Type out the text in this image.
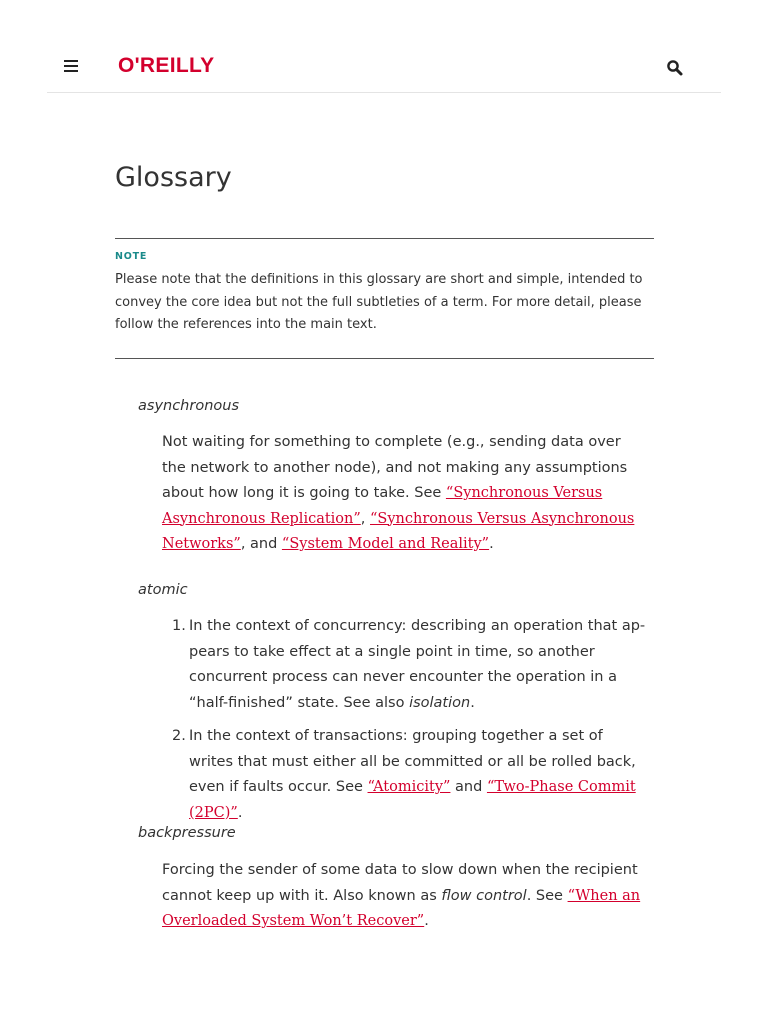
O'REILLY
Glossary
NOTE
Please note that the definitions in this glossary are short and simple, intended to convey the core idea but not the full subtleties of a term. For more detail, please follow the references into the main text.
asynchronous
Not waiting for something to complete (e.g., sending data over the network to another node), and not making any assumptions about how long it is going to take. See “Synchronous Versus Asynchronous Replication”, “Synchronous Versus Asynchronous Networks”, and “System Model and Reality”.
atomic
1. In the context of concurrency: describing an operation that appears to take effect at a single point in time, so another concurrent process can never encounter the operation in a “half-finished” state. See also isolation.
2. In the context of transactions: grouping together a set of writes that must either all be committed or all be rolled back, even if faults occur. See “Atomicity” and “Two-Phase Commit (2PC)”.
backpressure
Forcing the sender of some data to slow down when the recipient cannot keep up with it. Also known as flow control. See “When an Overloaded System Won’t Recover”.
